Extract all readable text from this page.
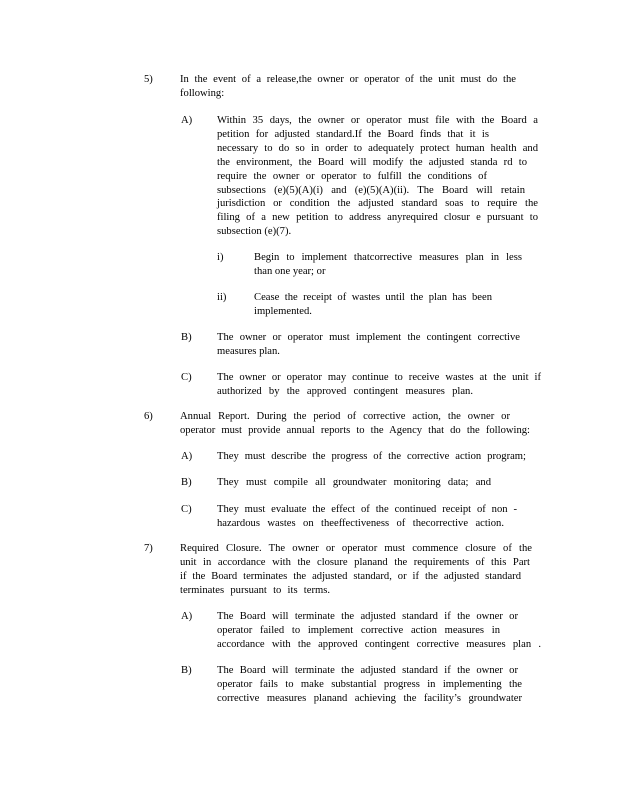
5)	In the event of a release,the owner or operator of the unit must do the
following:
A) Within 35 days, the owner or operator must file with the Board a
petition for adjusted standard.If the Board finds that it is
necessary to do so in order to adequately protect human health and
the environment, the Board will modify the adjusted standa rd to
require the owner or operator to fulfill the conditions of
subsections (e)(5)(A)(i) and (e)(5)(A)(ii). The Board will retain
jurisdiction or condition the adjusted standard soas to require the
filing of a new petition to address anyrequired closur e pursuant to
subsection (e)(7).
i)	Begin to implement thatcorrective measures plan in less
than one year; or
ii)	Cease the receipt of wastes until the plan has been
implemented.
B) The owner or operator must implement the contingent corrective
measures plan.
C) The owner or operator may continue to receive wastes at the unit if
authorized by the approved contingent measures plan.
6)	Annual Report. During the period of corrective action, the owner or
operator must provide annual reports to the Agency that do the following:
A) They must describe the progress of the corrective action program;
B) They must compile all groundwater monitoring data; and
C) They must evaluate the effect of the continued receipt of non -
hazardous wastes on theeffectiveness of thecorrective action.
7)	Required Closure. The owner or operator must commence closure of the
unit in accordance with the closure planand the requirements of this Part
if the Board terminates the adjusted standard, or if the adjusted standard
terminates pursuant to its terms.
A) The Board will terminate the adjusted standard if the owner or
operator failed to implement corrective action measures in
accordance with the approved contingent corrective measures plan .
B) The Board will terminate the adjusted standard if the owner or
operator fails to make substantial progress in implementing the
corrective measures planand achieving the facility’s groundwater
